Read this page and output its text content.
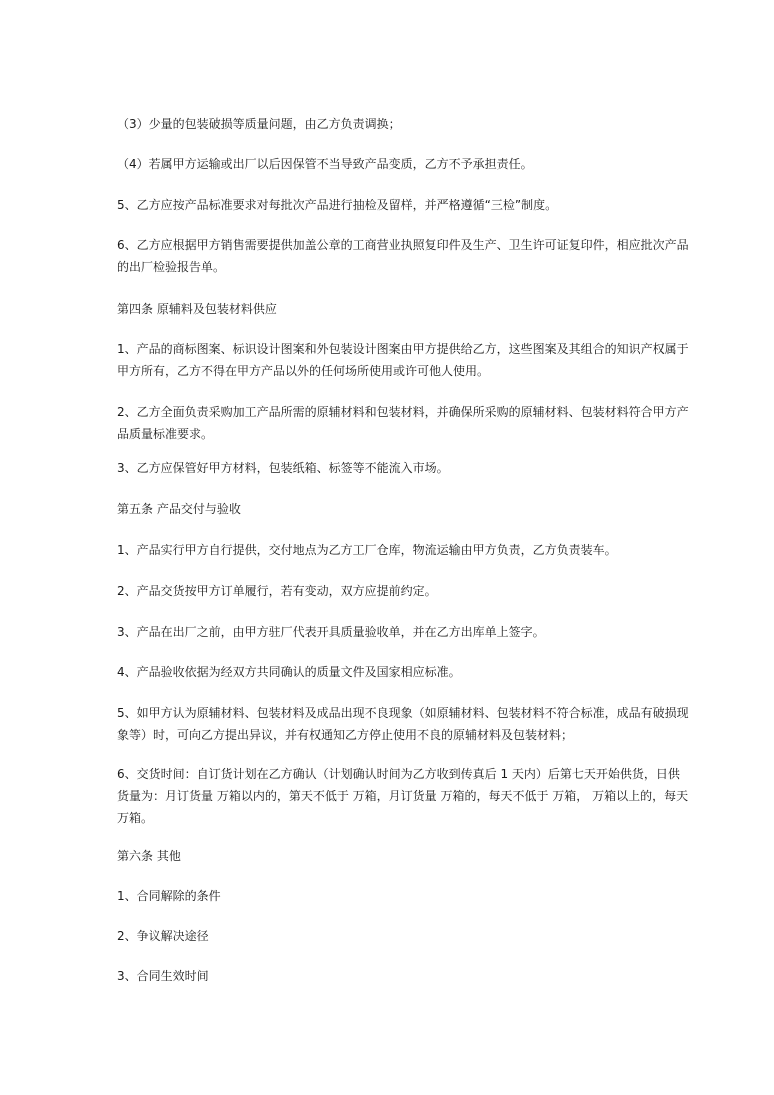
（3）少量的包装破损等质量问题，由乙方负责调换；

（4）若属甲方运输或出厂以后因保管不当导致产品变质，乙方不予承担责任。

5、乙方应按产品标准要求对每批次产品进行抽检及留样，并严格遵循“三检”制度。

6、乙方应根据甲方销售需要提供加盖公章的工商营业执照复印件及生产、卫生许可证复印件，相应批次产品的出厂检验报告单。

第四条 原辅料及包装材料供应

1、产品的商标图案、标识设计图案和外包装设计图案由甲方提供给乙方，这些图案及其组合的知识产权属于甲方所有，乙方不得在甲方产品以外的任何场所使用或许可他人使用。

2、乙方全面负责采购加工产品所需的原辅材料和包装材料，并确保所采购的原辅材料、包装材料符合甲方产品质量标准要求。

3、乙方应保管好甲方材料，包装纸箱、标签等不能流入市场。

第五条 产品交付与验收

1、产品实行甲方自行提供，交付地点为乙方工厂仓库，物流运输由甲方负责，乙方负责装车。

2、产品交货按甲方订单履行，若有变动，双方应提前约定。

3、产品在出厂之前，由甲方驻厂代表开具质量验收单，并在乙方出库单上签字。

4、产品验收依据为经双方共同确认的质量文件及国家相应标准。

5、如甲方认为原辅材料、包装材料及成品出现不良现象（如原辅材料、包装材料不符合标准，成品有破损现象等）时，可向乙方提出异议，并有权通知乙方停止使用不良的原辅材料及包装材料；

6、交货时间：自订货计划在乙方确认（计划确认时间为乙方收到传真后 1 天内）后第七天开始供货，日供货量为：月订货量 万箱以内的，第天不低于 万箱，月订货量 万箱的，每天不低于 万箱， 万箱以上的，每天 万箱。

第六条 其他

1、合同解除的条件

2、争议解决途径

3、合同生效时间
